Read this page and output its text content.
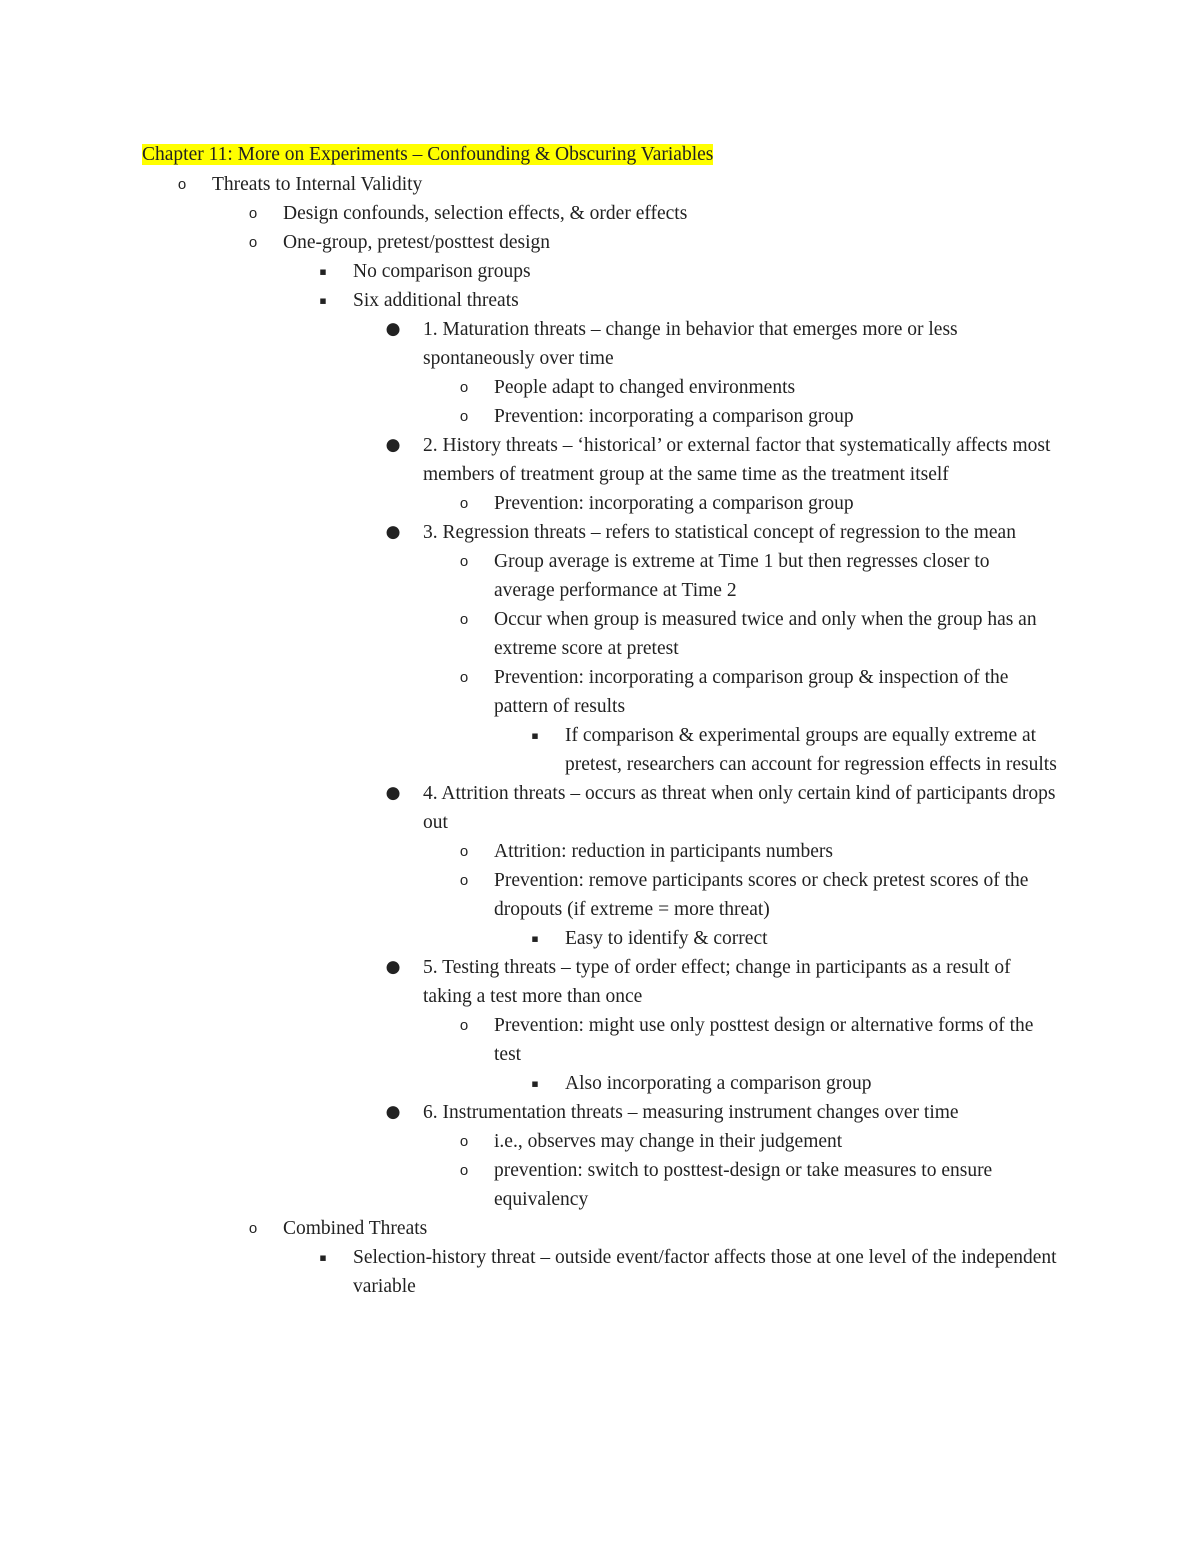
Chapter 11: More on Experiments – Confounding & Obscuring Variables
o Threats to Internal Validity
o Design confounds, selection effects, & order effects
o One-group, pretest/posttest design
▪	No comparison groups
▪	Six additional threats
● 1. Maturation threats – change in behavior that emerges more or less spontaneously over time
o People adapt to changed environments
o Prevention: incorporating a comparison group
● 2. History threats – ‘historical’ or external factor that systematically affects most members of treatment group at the same time as the treatment itself
o Prevention: incorporating a comparison group
● 3. Regression threats – refers to statistical concept of regression to the mean
o Group average is extreme at Time 1 but then regresses closer to average performance at Time 2
o Occur when group is measured twice and only when the group has an extreme score at pretest
o Prevention: incorporating a comparison group & inspection of the pattern of results
▪	If comparison & experimental groups are equally extreme at pretest, researchers can account for regression effects in results
● 4. Attrition threats – occurs as threat when only certain kind of participants drops out
o Attrition: reduction in participants numbers
o Prevention: remove participants scores or check pretest scores of the dropouts (if extreme = more threat)
▪	Easy to identify & correct
● 5. Testing threats – type of order effect; change in participants as a result of taking a test more than once
o Prevention: might use only posttest design or alternative forms of the test
▪	Also incorporating a comparison group
● 6. Instrumentation threats – measuring instrument changes over time
o i.e., observes may change in their judgement
o prevention: switch to posttest-design or take measures to ensure equivalency
o Combined Threats
▪	Selection-history threat – outside event/factor affects those at one level of the independent variable
